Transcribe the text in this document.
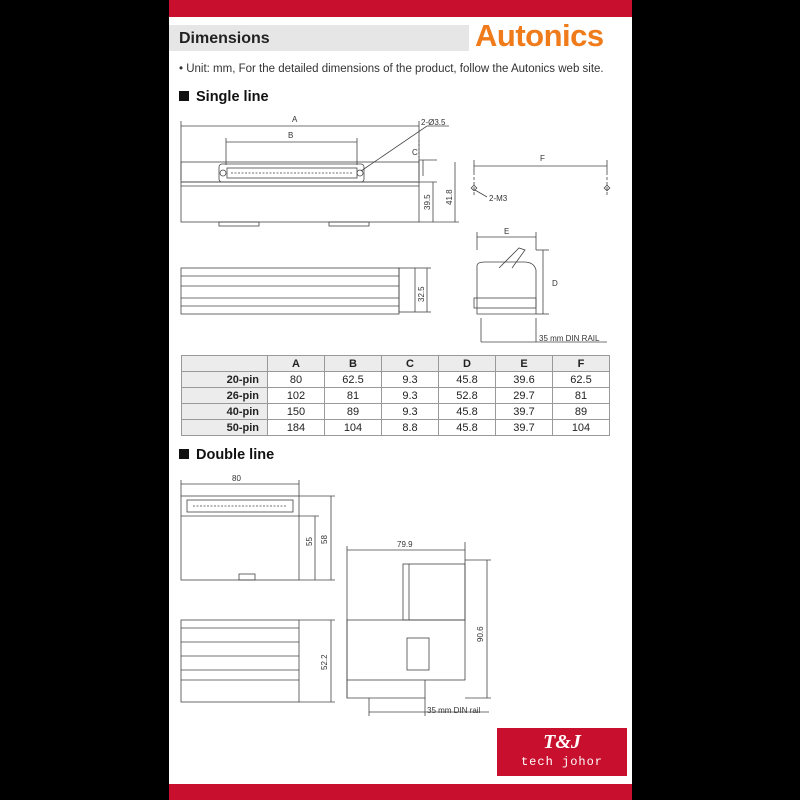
Dimensions	Autonics
• Unit: mm, For the detailed dimensions of the product, follow the Autonics web site.
Single line
A
B
C
2-Ø3.5
F
2-M3
E
D
35 mm DIN RAIL
39.5 41.8
32.5
	A	B	C	D	E	F
20-pin	80	62.5	9.3	45.8	39.6	62.5
26-pin	102	81	9.3	52.8	29.7	81
40-pin	150	89	9.3	45.8	39.7	89
50-pin	184	104	8.8	45.8	39.7	104
Double line
80
55 58
52.2
79.9
90.6
35 mm DIN rail
T&J
tech johor
